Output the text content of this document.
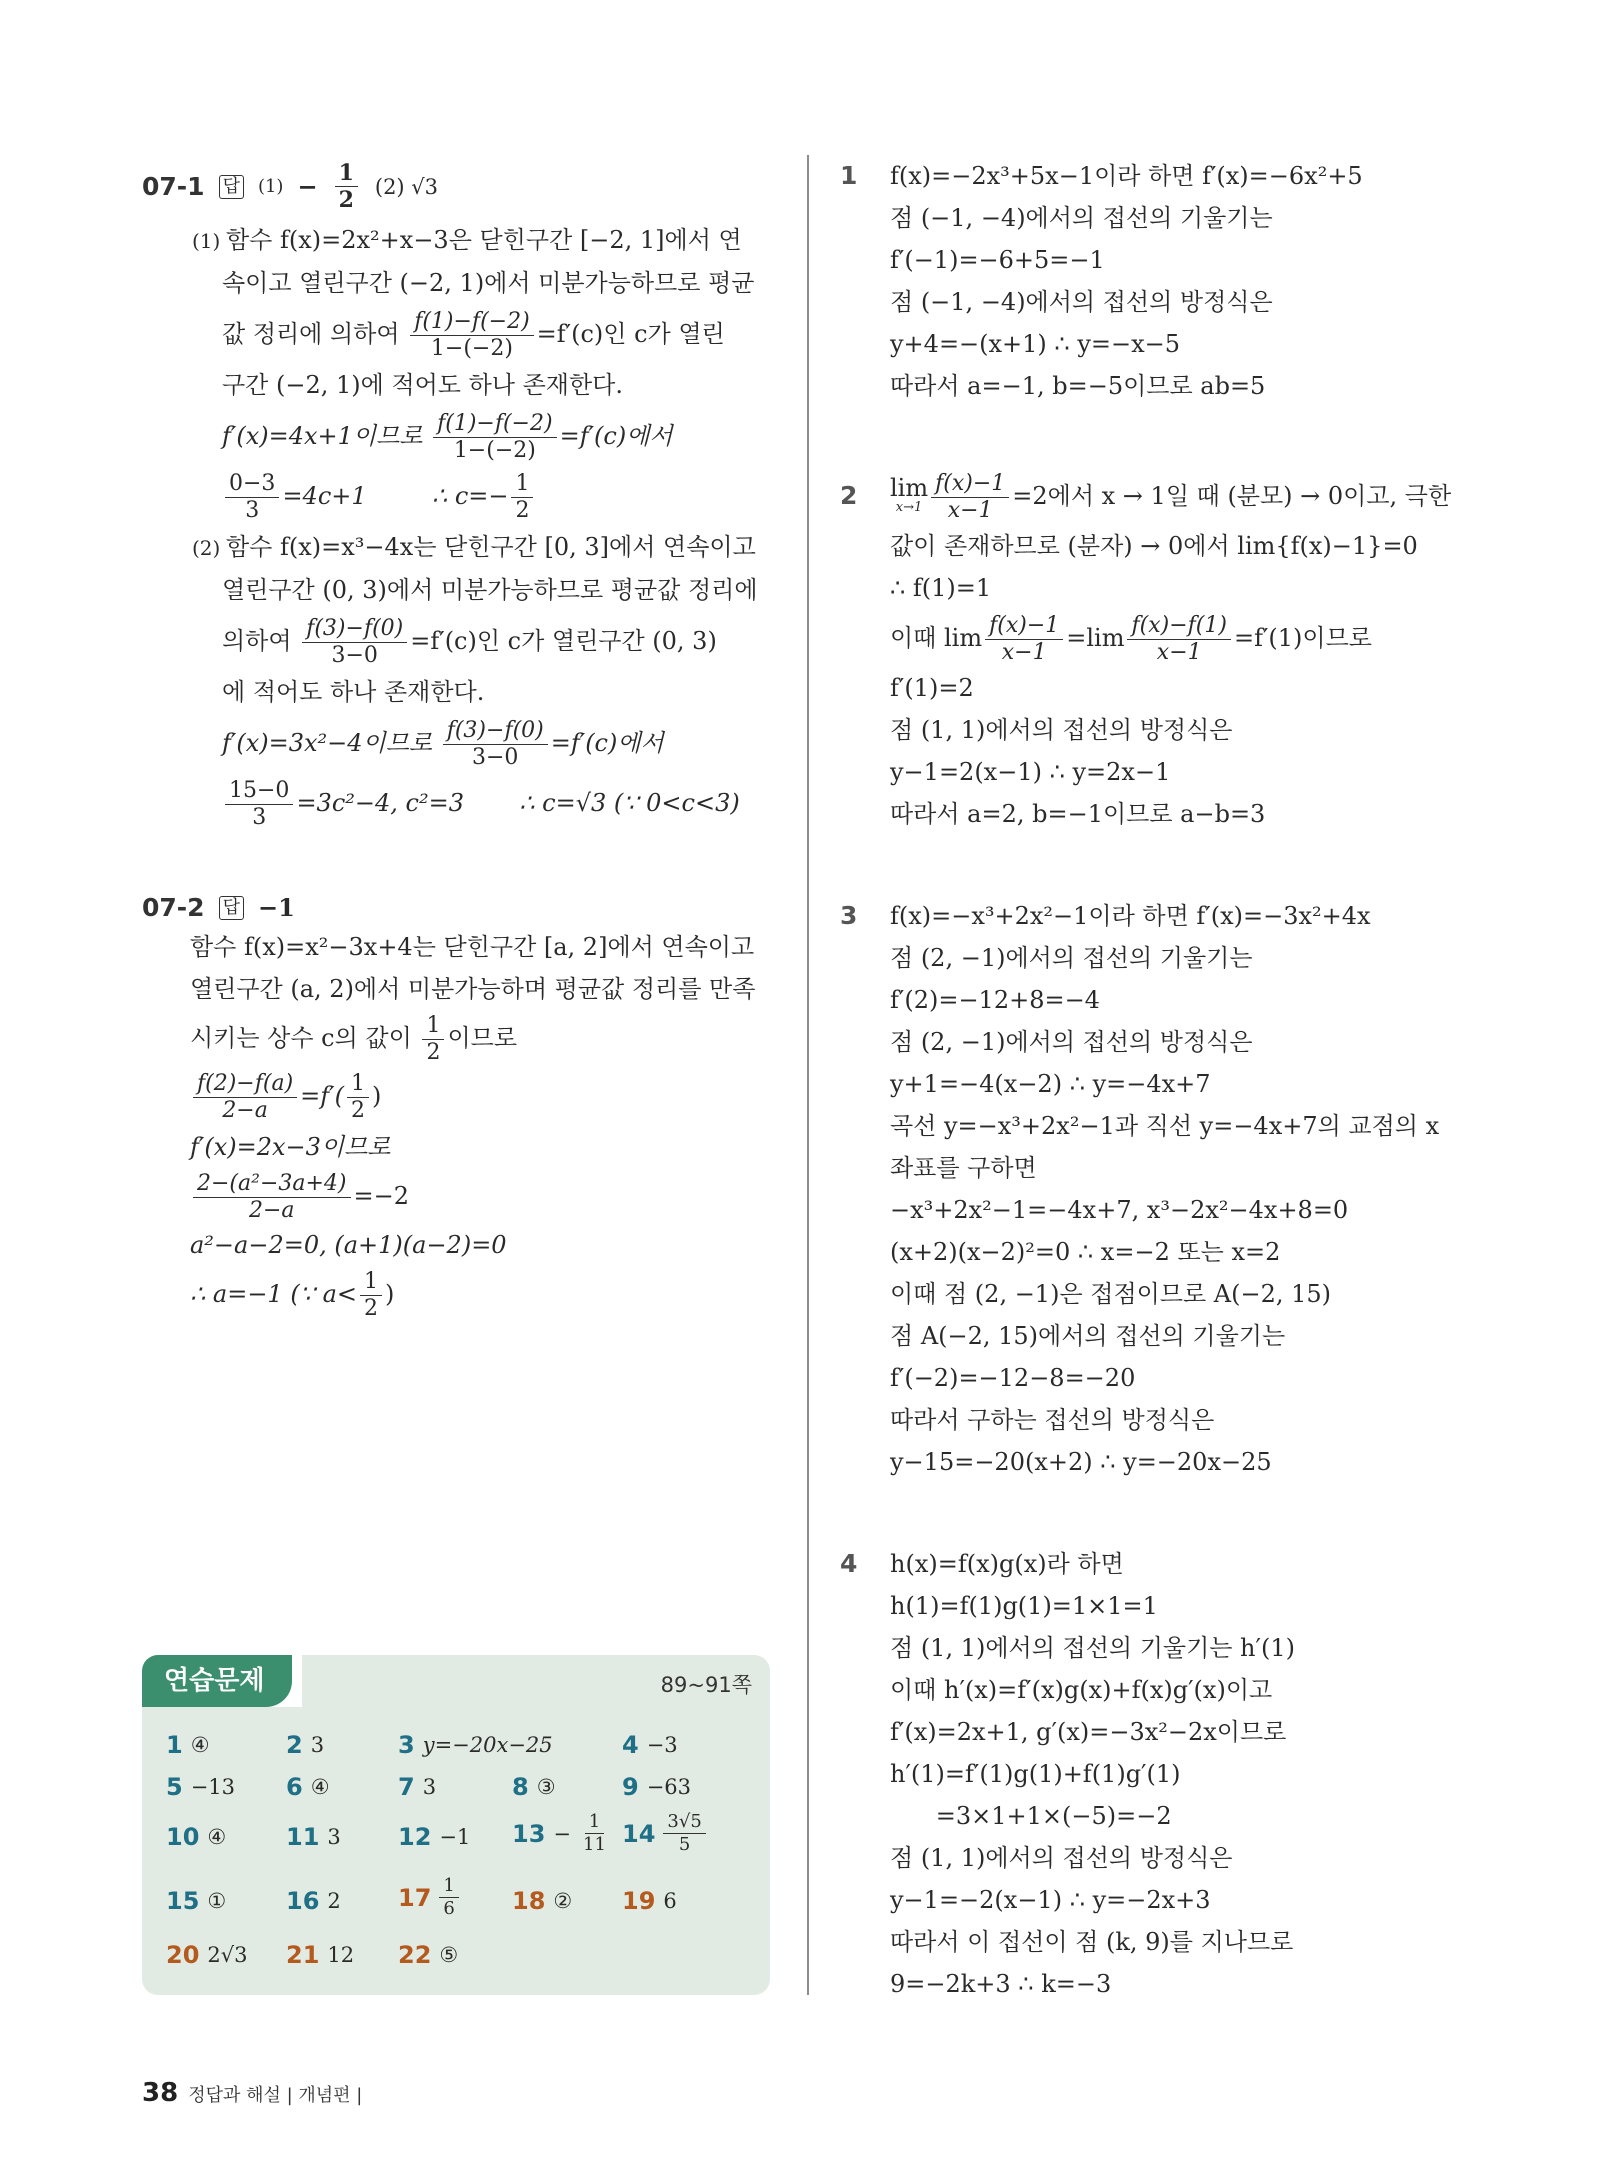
07-1 답 $(1) - \frac{1}{2} (2)$ √3
(1) 함수 f(x)=2x²+x−3은 닫힌구간 [−2, 1]에서 연
속이고 열린구간 (−2, 1)에서 미분가능하므로 평균
값 정리에 의하여 $\frac{f(1)-f(-2)}{1-(-2)} =f'(c)$인 c가 열린
구간 (−2, 1)에 적어도 하나 존재한다.
f′(x)=4x+1이므로 $\frac{f(1)-f(-2)}{1-(-2)} =f'(c)$에서
$\frac{0-3}{3} =4c+1$	∴ $c=- \frac{1}{2}$
(2) 함수 f(x)=x³−4x는 닫힌구간 [0, 3]에서 연속이고
열린구간 (0, 3)에서 미분가능하므로 평균값 정리에
의하여 $\frac{f(3)-f(0)}{3-0} =f'(c)$인 c가 열린구간 (0, 3)
에 적어도 하나 존재한다.
f′(x)=3x²−4이므로 $\frac{f(3)-f(0)}{3-0} =f'(c)$에서
$\frac{15-0}{3} =3c^2-4$, c²=3 ∴ c=√3 (∵ 0<c<3)
07-2 답 −1
함수 f(x)=x²−3x+4는 닫힌구간 [a, 2]에서 연속이고
열린구간 (a, 2)에서 미분가능하며 평균값 정리를 만족
시키는 상수 c의 값이 $\frac{1}{2}$ 이므로
$\frac{f(2)-f(a)}{2-a} =f'( \frac{1}{2}$ )
f′(x)=2x−3이므로
$\frac{\text{2−(a²−3a+4)}}{2-a} =-2$
a²−a−2=0, (a+1)(a−2)=0
∴ a=−1 (∵ $a< \frac{1}{2}$ )
1 f(x)=−2x³+5x−1이라 하면 f′(x)=−6x²+5
점 (−1, −4)에서의 접선의 기울기는
f′(−1)=−6+5=−1
점 (−1, −4)에서의 접선의 방정식은
y+4=−(x+1) ∴ y=−x−5
따라서 a=−1, b=−5이므로 ab=5
2 lim
$x\to 1 \frac{f(x)-1}{x-1} =2$에서 x → 1일 때 (분모) → 0이고, 극한
값이 존재하므로 (분자) → 0에서 lim{f(x)−1}=0
∴ f(1)=1
이때 $\lim \frac{f(x)-1}{x-1} =\lim \frac{f(x)-f(1)}{x-1} =f'(1)$이므로
f′(1)=2
점 (1, 1)에서의 접선의 방정식은
y−1=2(x−1) ∴ y=2x−1
따라서 a=2, b=−1이므로 a−b=3
3 f(x)=−x³+2x²−1이라 하면 f′(x)=−3x²+4x
점 (2, −1)에서의 접선의 기울기는
f′(2)=−12+8=−4
점 (2, −1)에서의 접선의 방정식은
y+1=−4(x−2) ∴ y=−4x+7
곡선 y=−x³+2x²−1과 직선 y=−4x+7의 교점의 x
좌표를 구하면
−x³+2x²−1=−4x+7, x³−2x²−4x+8=0
(x+2)(x−2)²=0 ∴ x=−2 또는 x=2
이때 점 (2, −1)은 접점이므로 A(−2, 15)
점 A(−2, 15)에서의 접선의 기울기는
f′(−2)=−12−8=−20
따라서 구하는 접선의 방정식은
y−15=−20(x+2) ∴ y=−20x−25
4 h(x)=f(x)g(x)라 하면
h(1)=f(1)g(1)=1×1=1
점 (1, 1)에서의 접선의 기울기는 h′(1)
이때 h′(x)=f′(x)g(x)+f(x)g′(x)이고
f′(x)=2x+1, g′(x)=−3x²−2x이므로
h′(1)=f′(1)g(1)+f(1)g′(1)
=3×1+1×(−5)=−2
점 (1, 1)에서의 접선의 방정식은
y−1=−2(x−1) ∴ y=−2x+3
따라서 이 접선이 점 (k, 9)를 지나므로
9=−2k+3 ∴ k=−3
연습문제	89~91쪽
1 ④	2 3	3 y=−20x−25	4 −3
5 −13 6 ④	7 3	8 ③	9 −63
10 ④ 11 3 12 −1 $13 - \frac{1}{11} 14 \frac{3√5}{5}$
15 ① 16 2 $17 \frac{1}{6} 18$ ② 19 6
20 2√3 21 12 22 ⑤
38 정답과 해설 | 개념편 |
